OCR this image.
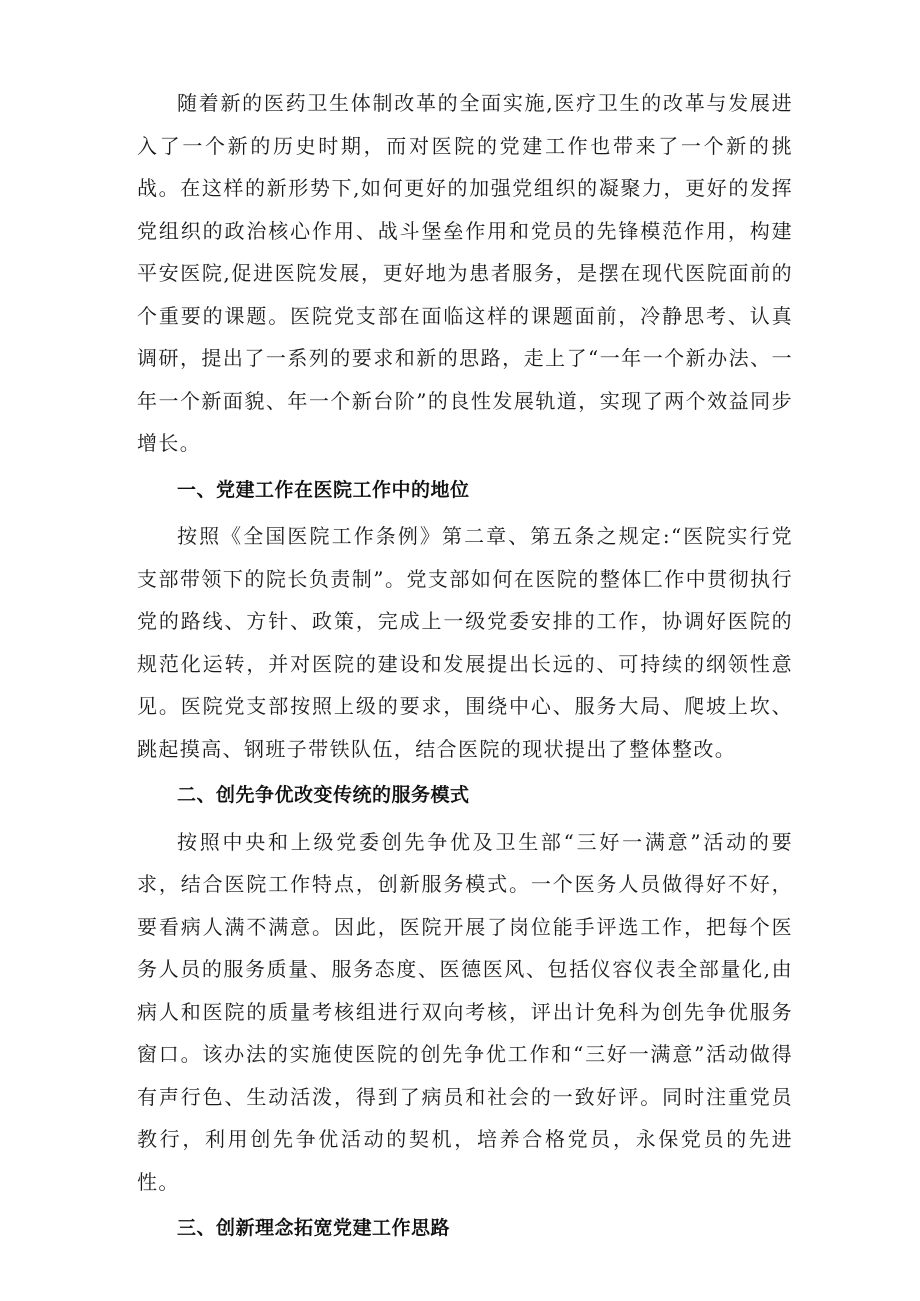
随着新的医药卫生体制改革的全面实施,医疗卫生的改革与发展进入了一个新的历史时期，而对医院的党建工作也带来了一个新的挑战。在这样的新形势下,如何更好的加强党组织的凝聚力，更好的发挥党组织的政治核心作用、战斗堡垒作用和党员的先锋模范作用，构建平安医院,促进医院发展，更好地为患者服务，是摆在现代医院面前的个重要的课题。医院党支部在面临这样的课题面前，冷静思考、认真调研，提出了一系列的要求和新的思路，走上了“一年一个新办法、一年一个新面貌、年一个新台阶”的良性发展轨道，实现了两个效益同步增长。

一、党建工作在医院工作中的地位

按照《全国医院工作条例》第二章、第五条之规定:“医院实行党支部带领下的院长负责制”。党支部如何在医院的整体匚作中贯彻执行党的路线、方针、政策，完成上一级党委安排的工作，协调好医院的规范化运转，并对医院的建设和发展提出长远的、可持续的纲领性意见。医院党支部按照上级的要求，围绕中心、服务大局、爬坡上坎、跳起摸高、钢班子带铁队伍，结合医院的现状提出了整体整改。

二、创先争优改变传统的服务模式

按照中央和上级党委创先争优及卫生部“三好一满意”活动的要求，结合医院工作特点，创新服务模式。一个医务人员做得好不好，要看病人满不满意。因此，医院开展了岗位能手评选工作，把每个医务人员的服务质量、服务态度、医德医风、包括仪容仪表全部量化,由病人和医院的质量考核组进行双向考核，评出计免科为创先争优服务窗口。该办法的实施使医院的创先争优工作和“三好一满意”活动做得有声行色、生动活泼，得到了病员和社会的一致好评。同时注重党员教行，利用创先争优活动的契机，培养合格党员，永保党员的先进性。

三、创新理念拓宽党建工作思路
